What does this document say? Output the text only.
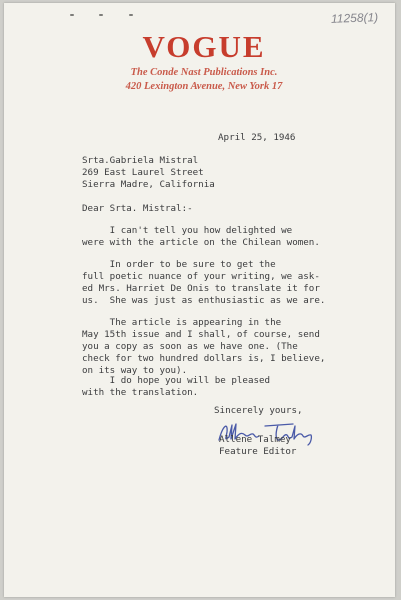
11258(1)
VOGUE
The Conde Nast Publications Inc.
420 Lexington Avenue, New York 17
April 25, 1946
Srta.Gabriela Mistral
269 East Laurel Street
Sierra Madre, California
Dear Srta. Mistral:-
I can't tell you how delighted we
were with the article on the Chilean women.
In order to be sure to get the
full poetic nuance of your writing, we ask-
ed Mrs. Harriet De Onis to translate it for
us.  She was just as enthusiastic as we are.
The article is appearing in the
May 15th issue and I shall, of course, send
you a copy as soon as we have one. (The
check for two hundred dollars is, I believe,
on its way to you).
I do hope you will be pleased
with the translation.
Sincerely yours,
Allene Talmey
Feature Editor
